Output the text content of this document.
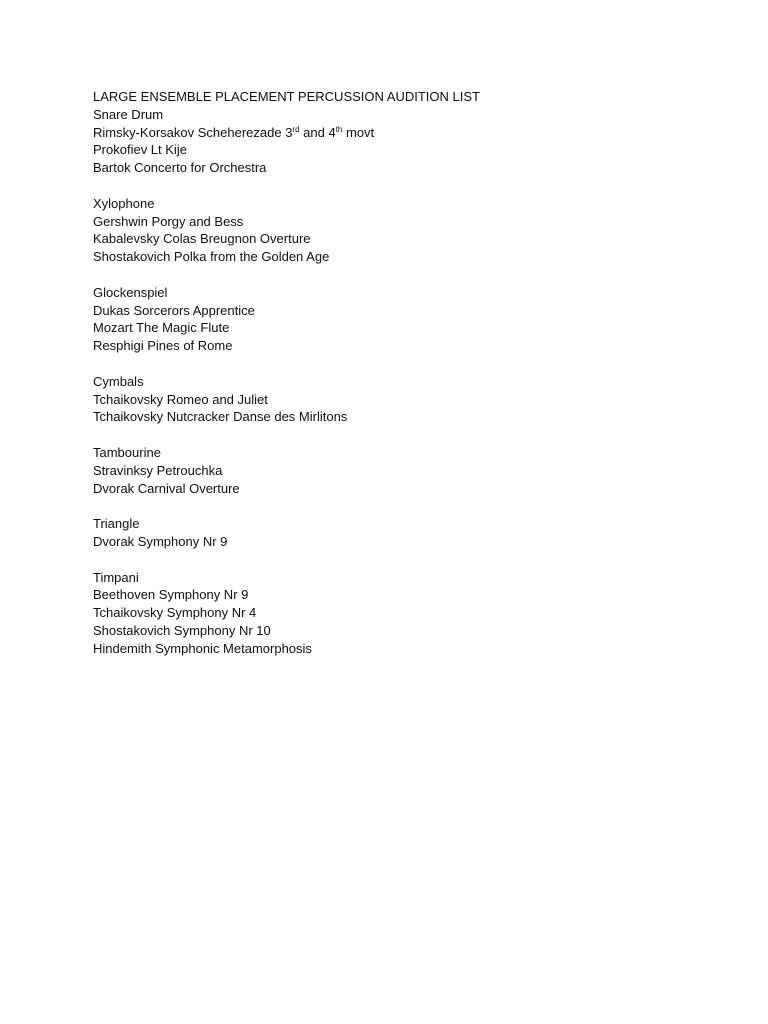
LARGE ENSEMBLE PLACEMENT PERCUSSION AUDITION LIST
Snare Drum
Rimsky-Korsakov Scheherezade 3rd and 4th movt
Prokofiev Lt Kije
Bartok Concerto for Orchestra
Xylophone
Gershwin Porgy and Bess
Kabalevsky Colas Breugnon Overture
Shostakovich Polka from the Golden Age
Glockenspiel
Dukas Sorcerors Apprentice
Mozart The Magic Flute
Resphigi Pines of Rome
Cymbals
Tchaikovsky Romeo and Juliet
Tchaikovsky Nutcracker Danse des Mirlitons
Tambourine
Stravinksy Petrouchka
Dvorak Carnival Overture
Triangle
Dvorak Symphony Nr 9
Timpani
Beethoven Symphony Nr 9
Tchaikovsky Symphony Nr 4
Shostakovich Symphony Nr 10
Hindemith Symphonic Metamorphosis
